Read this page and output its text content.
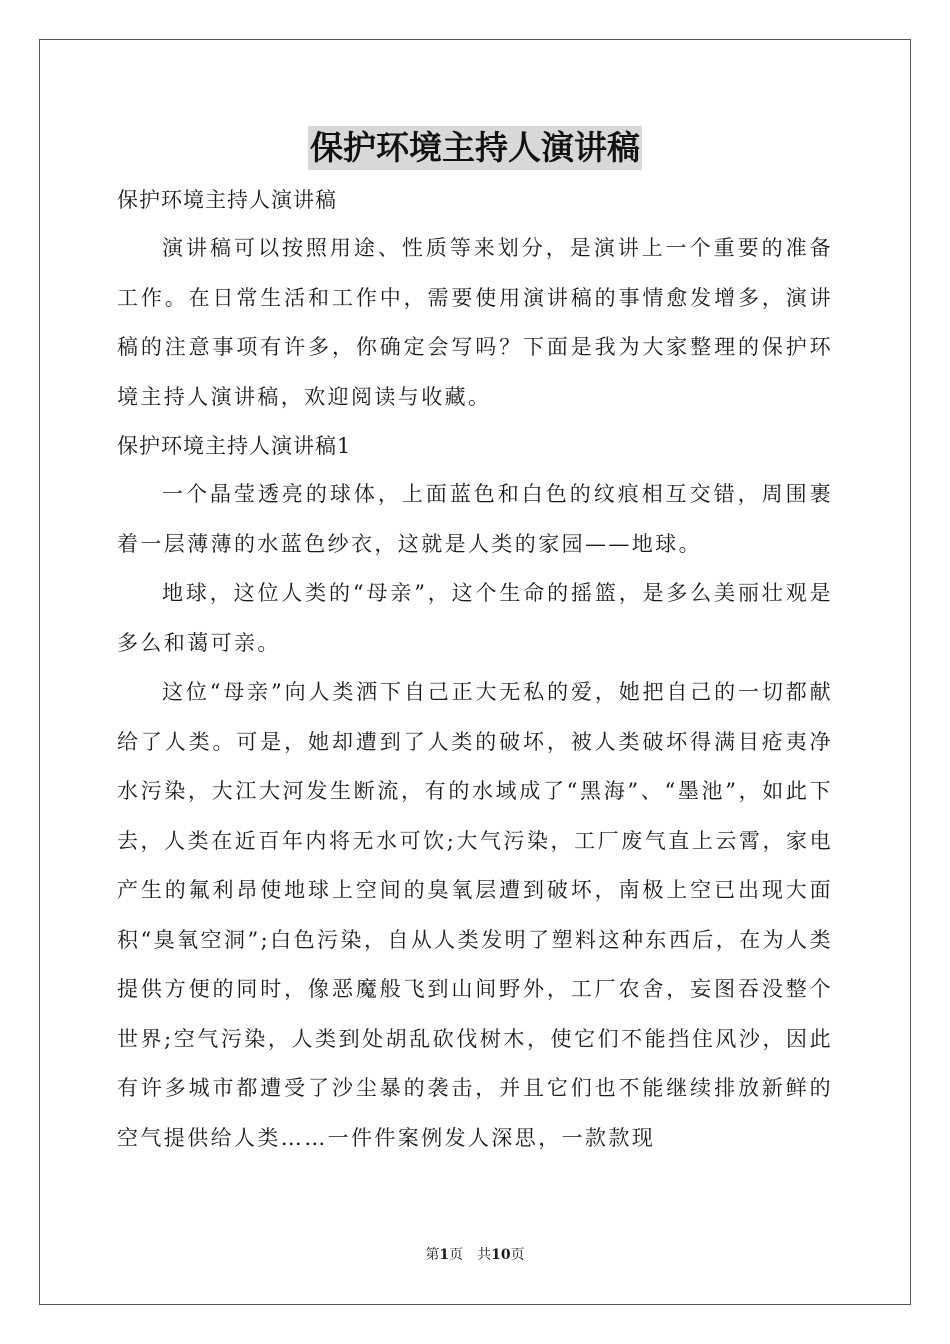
保护环境主持人演讲稿

保护环境主持人演讲稿

演讲稿可以按照用途、性质等来划分，是演讲上一个重要的准备工作。在日常生活和工作中，需要使用演讲稿的事情愈发增多，演讲稿的注意事项有许多，你确定会写吗？下面是我为大家整理的保护环境主持人演讲稿，欢迎阅读与收藏。

保护环境主持人演讲稿1

一个晶莹透亮的球体，上面蓝色和白色的纹痕相互交错，周围裹着一层薄薄的水蓝色纱衣，这就是人类的家园——地球。

地球，这位人类的“母亲”，这个生命的摇篮，是多么美丽壮观是多么和蔼可亲。

这位“母亲”向人类洒下自己正大无私的爱，她把自己的一切都献给了人类。可是，她却遭到了人类的破坏，被人类破坏得满目疮夷净水污染，大江大河发生断流，有的水域成了“黑海”、“墨池”，如此下去，人类在近百年内将无水可饮;大气污染，工厂废气直上云霄，家电产生的氟利昂使地球上空间的臭氧层遭到破坏，南极上空已出现大面积“臭氧空洞”;白色污染，自从人类发明了塑料这种东西后，在为人类提供方便的同时，像恶魔般飞到山间野外，工厂农舍，妄图吞没整个世界;空气污染，人类到处胡乱砍伐树木，使它们不能挡住风沙，因此有许多城市都遭受了沙尘暴的袭击，并且它们也不能继续排放新鲜的空气提供给人类……一件件案例发人深思，一款款现

第1页　共10页
